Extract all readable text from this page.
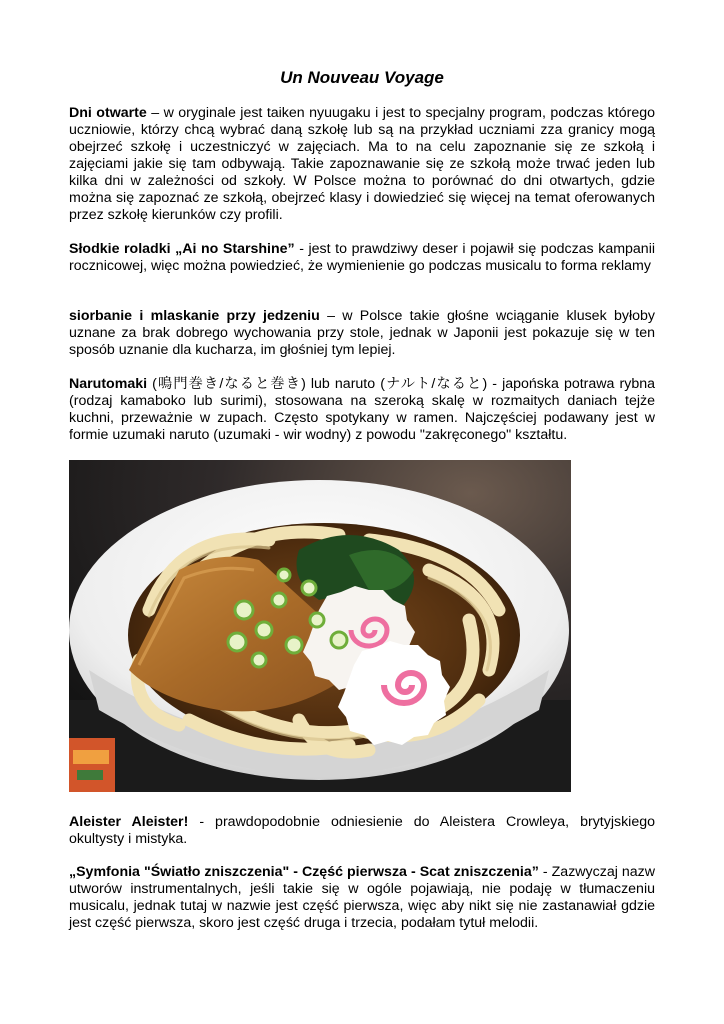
Un Nouveau Voyage

Dni otwarte – w oryginale jest taiken nyuugaku i jest to specjalny program, podczas którego uczniowie, którzy chcą wybrać daną szkołę lub są na przykład uczniami zza granicy mogą obejrzeć szkołę i uczestniczyć w zajęciach. Ma to na celu zapoznanie się ze szkołą i zajęciami jakie się tam odbywają. Takie zapoznawanie się ze szkołą może trwać jeden lub kilka dni w zależności od szkoły. W Polsce można to porównać do dni otwartych, gdzie można się zapoznać ze szkołą, obejrzeć klasy i dowiedzieć się więcej na temat oferowanych przez szkołę kierunków czy profili.

Słodkie roladki „Ai no Starshine” - jest to prawdziwy deser i pojawił się podczas kampanii rocznicowej, więc można powiedzieć, że wymienienie go podczas musicalu to forma reklamy

siorbanie i mlaskanie przy jedzeniu – w Polsce takie głośne wciąganie klusek byłoby uznane za brak dobrego wychowania przy stole, jednak w Japonii jest pokazuje się w ten sposób uznanie dla kucharza, im głośniej tym lepiej.

Narutomaki (鳴門巻き/なると巻き) lub naruto (ナルト/なると) - japońska potrawa rybna (rodzaj kamaboko lub surimi), stosowana na szeroką skalę w rozmaitych daniach tejże kuchni, przeważnie w zupach. Często spotykany w ramen. Najczęściej podawany jest w formie uzumaki naruto (uzumaki - wir wodny) z powodu "zakręconego" kształtu.

Aleister Aleister! - prawdopodobnie odniesienie do Aleistera Crowleya, brytyjskiego okultysty i mistyka.

„Symfonia "Światło zniszczenia" - Część pierwsza - Scat zniszczenia” - Zazwyczaj nazw utworów instrumentalnych, jeśli takie się w ogóle pojawiają, nie podaję w tłumaczeniu musicalu, jednak tutaj w nazwie jest część pierwsza, więc aby nikt się nie zastanawiał gdzie jest część pierwsza, skoro jest część druga i trzecia, podałam tytuł melodii.
